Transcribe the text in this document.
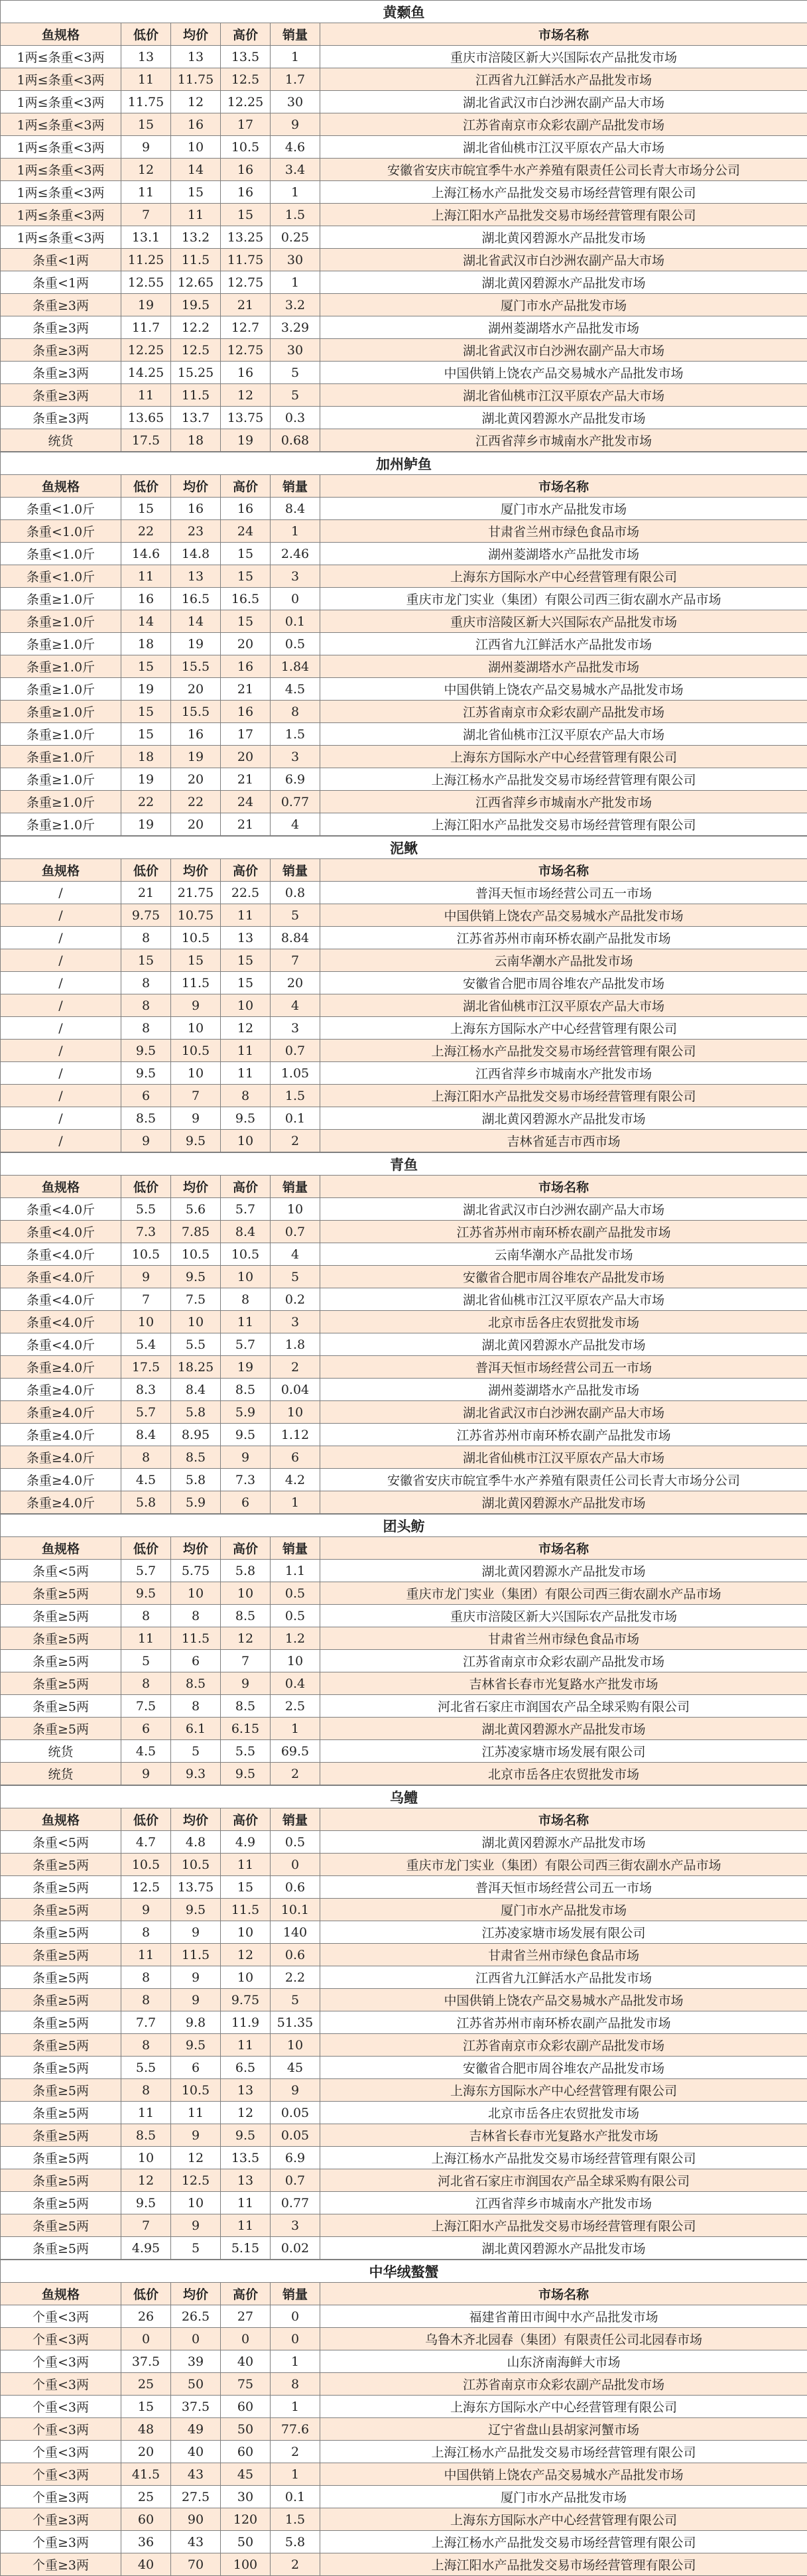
黄颡鱼					
鱼规格	低价	均价	高价	销量	市场名称
1两≤条重<3两	13	13	13.5	1	重庆市涪陵区新大兴国际农产品批发市场
1两≤条重<3两	11	11.75	12.5	1.7	江西省九江鲜活水产品批发市场
1两≤条重<3两	11.75	12	12.25	30	湖北省武汉市白沙洲农副产品大市场
1两≤条重<3两	15	16	17	9	江苏省南京市众彩农副产品批发市场
1两≤条重<3两	9	10	10.5	4.6	湖北省仙桃市江汉平原农产品大市场
1两≤条重<3两	12	14	16	3.4	安徽省安庆市皖宜季牛水产养殖有限责任公司长青大市场分公司
1两≤条重<3两	11	15	16	1	上海江杨水产品批发交易市场经营管理有限公司
1两≤条重<3两	7	11	15	1.5	上海江阳水产品批发交易市场经营管理有限公司
1两≤条重<3两	13.1	13.2	13.25	0.25	湖北黄冈碧源水产品批发市场
条重<1两	11.25	11.5	11.75	30	湖北省武汉市白沙洲农副产品大市场
条重<1两	12.55	12.65	12.75	1	湖北黄冈碧源水产品批发市场
条重≥3两	19	19.5	21	3.2	厦门市水产品批发市场
条重≥3两	11.7	12.2	12.7	3.29	湖州菱湖塔水产品批发市场
条重≥3两	12.25	12.5	12.75	30	湖北省武汉市白沙洲农副产品大市场
条重≥3两	14.25	15.25	16	5	中国供销上饶农产品交易城水产品批发市场
条重≥3两	11	11.5	12	5	湖北省仙桃市江汉平原农产品大市场
条重≥3两	13.65	13.7	13.75	0.3	湖北黄冈碧源水产品批发市场
统货	17.5	18	19	0.68	江西省萍乡市城南水产批发市场
加州鲈鱼					
鱼规格	低价	均价	高价	销量	市场名称
条重<1.0斤	15	16	16	8.4	厦门市水产品批发市场
条重<1.0斤	22	23	24	1	甘肃省兰州市绿色食品市场
条重<1.0斤	14.6	14.8	15	2.46	湖州菱湖塔水产品批发市场
条重<1.0斤	11	13	15	3	上海东方国际水产中心经营管理有限公司
条重≥1.0斤	16	16.5	16.5	0	重庆市龙门实业（集团）有限公司西三街农副水产品市场
条重≥1.0斤	14	14	15	0.1	重庆市涪陵区新大兴国际农产品批发市场
条重≥1.0斤	18	19	20	0.5	江西省九江鲜活水产品批发市场
条重≥1.0斤	15	15.5	16	1.84	湖州菱湖塔水产品批发市场
条重≥1.0斤	19	20	21	4.5	中国供销上饶农产品交易城水产品批发市场
条重≥1.0斤	15	15.5	16	8	江苏省南京市众彩农副产品批发市场
条重≥1.0斤	15	16	17	1.5	湖北省仙桃市江汉平原农产品大市场
条重≥1.0斤	18	19	20	3	上海东方国际水产中心经营管理有限公司
条重≥1.0斤	19	20	21	6.9	上海江杨水产品批发交易市场经营管理有限公司
条重≥1.0斤	22	22	24	0.77	江西省萍乡市城南水产批发市场
条重≥1.0斤	19	20	21	4	上海江阳水产品批发交易市场经营管理有限公司
泥鳅					
鱼规格	低价	均价	高价	销量	市场名称
/	21	21.75	22.5	0.8	普洱天恒市场经营公司五一市场
/	9.75	10.75	11	5	中国供销上饶农产品交易城水产品批发市场
/	8	10.5	13	8.84	江苏省苏州市南环桥农副产品批发市场
/	15	15	15	7	云南华潮水产品批发市场
/	8	11.5	15	20	安徽省合肥市周谷堆农产品批发市场
/	8	9	10	4	湖北省仙桃市江汉平原农产品大市场
/	8	10	12	3	上海东方国际水产中心经营管理有限公司
/	9.5	10.5	11	0.7	上海江杨水产品批发交易市场经营管理有限公司
/	9.5	10	11	1.05	江西省萍乡市城南水产批发市场
/	6	7	8	1.5	上海江阳水产品批发交易市场经营管理有限公司
/	8.5	9	9.5	0.1	湖北黄冈碧源水产品批发市场
/	9	9.5	10	2	吉林省延吉市西市场
青鱼					
鱼规格	低价	均价	高价	销量	市场名称
条重<4.0斤	5.5	5.6	5.7	10	湖北省武汉市白沙洲农副产品大市场
条重<4.0斤	7.3	7.85	8.4	0.7	江苏省苏州市南环桥农副产品批发市场
条重<4.0斤	10.5	10.5	10.5	4	云南华潮水产品批发市场
条重<4.0斤	9	9.5	10	5	安徽省合肥市周谷堆农产品批发市场
条重<4.0斤	7	7.5	8	0.2	湖北省仙桃市江汉平原农产品大市场
条重<4.0斤	10	10	11	3	北京市岳各庄农贸批发市场
条重<4.0斤	5.4	5.5	5.7	1.8	湖北黄冈碧源水产品批发市场
条重≥4.0斤	17.5	18.25	19	2	普洱天恒市场经营公司五一市场
条重≥4.0斤	8.3	8.4	8.5	0.04	湖州菱湖塔水产品批发市场
条重≥4.0斤	5.7	5.8	5.9	10	湖北省武汉市白沙洲农副产品大市场
条重≥4.0斤	8.4	8.95	9.5	1.12	江苏省苏州市南环桥农副产品批发市场
条重≥4.0斤	8	8.5	9	6	湖北省仙桃市江汉平原农产品大市场
条重≥4.0斤	4.5	5.8	7.3	4.2	安徽省安庆市皖宜季牛水产养殖有限责任公司长青大市场分公司
条重≥4.0斤	5.8	5.9	6	1	湖北黄冈碧源水产品批发市场
团头鲂					
鱼规格	低价	均价	高价	销量	市场名称
条重<5两	5.7	5.75	5.8	1.1	湖北黄冈碧源水产品批发市场
条重≥5两	9.5	10	10	0.5	重庆市龙门实业（集团）有限公司西三街农副水产品市场
条重≥5两	8	8	8.5	0.5	重庆市涪陵区新大兴国际农产品批发市场
条重≥5两	11	11.5	12	1.2	甘肃省兰州市绿色食品市场
条重≥5两	5	6	7	10	江苏省南京市众彩农副产品批发市场
条重≥5两	8	8.5	9	0.4	吉林省长春市光复路水产批发市场
条重≥5两	7.5	8	8.5	2.5	河北省石家庄市润国农产品全球采购有限公司
条重≥5两	6	6.1	6.15	1	湖北黄冈碧源水产品批发市场
统货	4.5	5	5.5	69.5	江苏凌家塘市场发展有限公司
统货	9	9.3	9.5	2	北京市岳各庄农贸批发市场
乌鳢					
鱼规格	低价	均价	高价	销量	市场名称
条重<5两	4.7	4.8	4.9	0.5	湖北黄冈碧源水产品批发市场
条重≥5两	10.5	10.5	11	0	重庆市龙门实业（集团）有限公司西三街农副水产品市场
条重≥5两	12.5	13.75	15	0.6	普洱天恒市场经营公司五一市场
条重≥5两	9	9.5	11.5	10.1	厦门市水产品批发市场
条重≥5两	8	9	10	140	江苏凌家塘市场发展有限公司
条重≥5两	11	11.5	12	0.6	甘肃省兰州市绿色食品市场
条重≥5两	8	9	10	2.2	江西省九江鲜活水产品批发市场
条重≥5两	8	9	9.75	5	中国供销上饶农产品交易城水产品批发市场
条重≥5两	7.7	9.8	11.9	51.35	江苏省苏州市南环桥农副产品批发市场
条重≥5两	8	9.5	11	10	江苏省南京市众彩农副产品批发市场
条重≥5两	5.5	6	6.5	45	安徽省合肥市周谷堆农产品批发市场
条重≥5两	8	10.5	13	9	上海东方国际水产中心经营管理有限公司
条重≥5两	11	11	12	0.05	北京市岳各庄农贸批发市场
条重≥5两	8.5	9	9.5	0.05	吉林省长春市光复路水产批发市场
条重≥5两	10	12	13.5	6.9	上海江杨水产品批发交易市场经营管理有限公司
条重≥5两	12	12.5	13	0.7	河北省石家庄市润国农产品全球采购有限公司
条重≥5两	9.5	10	11	0.77	江西省萍乡市城南水产批发市场
条重≥5两	7	9	11	3	上海江阳水产品批发交易市场经营管理有限公司
条重≥5两	4.95	5	5.15	0.02	湖北黄冈碧源水产品批发市场
中华绒螯蟹					
鱼规格	低价	均价	高价	销量	市场名称
个重<3两	26	26.5	27	0	福建省莆田市闽中水产品批发市场
个重<3两	0	0	0	0	乌鲁木齐北园春（集团）有限责任公司北园春市场
个重<3两	37.5	39	40	1	山东济南海鲜大市场
个重<3两	25	50	75	8	江苏省南京市众彩农副产品批发市场
个重<3两	15	37.5	60	1	上海东方国际水产中心经营管理有限公司
个重<3两	48	49	50	77.6	辽宁省盘山县胡家河蟹市场
个重<3两	20	40	60	2	上海江杨水产品批发交易市场经营管理有限公司
个重<3两	41.5	43	45	1	中国供销上饶农产品交易城水产品批发市场
个重≥3两	25	27.5	30	0.1	厦门市水产品批发市场
个重≥3两	60	90	120	1.5	上海东方国际水产中心经营管理有限公司
个重≥3两	36	43	50	5.8	上海江杨水产品批发交易市场经营管理有限公司
个重≥3两	40	70	100	2	上海江阳水产品批发交易市场经营管理有限公司
